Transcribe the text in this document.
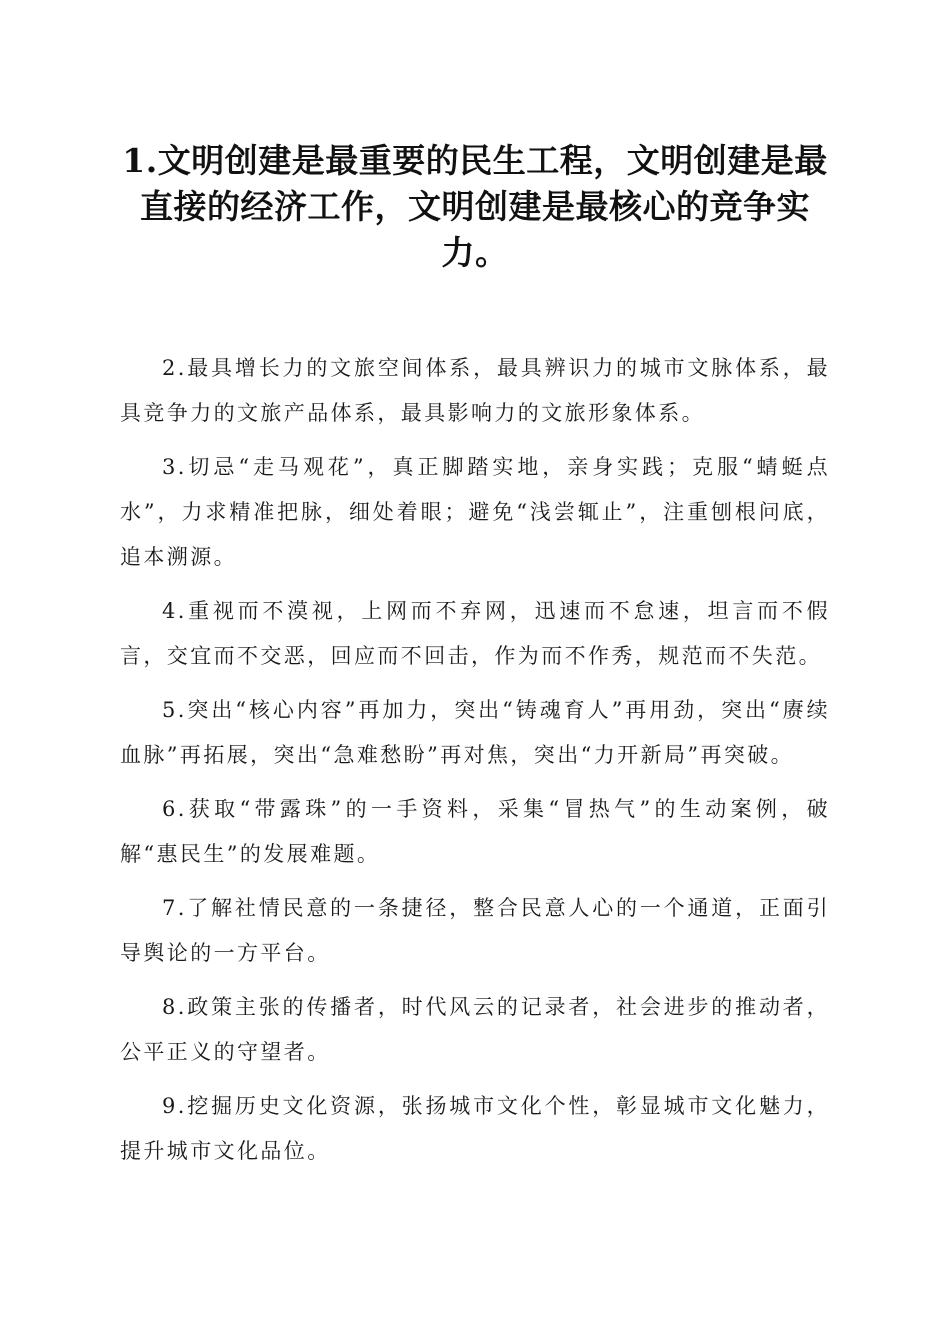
1.文明创建是最重要的民生工程，文明创建是最直接的经济工作，文明创建是最核心的竞争实力。

2.最具增长力的文旅空间体系，最具辨识力的城市文脉体系，最具竞争力的文旅产品体系，最具影响力的文旅形象体系。

3.切忌“走马观花”，真正脚踏实地，亲身实践；克服“蜻蜓点水”，力求精准把脉，细处着眼；避免“浅尝辄止”，注重刨根问底，追本溯源。

4.重视而不漠视，上网而不弃网，迅速而不怠速，坦言而不假言，交宜而不交恶，回应而不回击，作为而不作秀，规范而不失范。

5.突出“核心内容”再加力，突出“铸魂育人”再用劲，突出“赓续血脉”再拓展，突出“急难愁盼”再对焦，突出“力开新局”再突破。

6.获取“带露珠”的一手资料，采集“冒热气”的生动案例，破解“惠民生”的发展难题。

7.了解社情民意的一条捷径，整合民意人心的一个通道，正面引导舆论的一方平台。

8.政策主张的传播者，时代风云的记录者，社会进步的推动者，公平正义的守望者。

9.挖掘历史文化资源，张扬城市文化个性，彰显城市文化魅力，提升城市文化品位。
